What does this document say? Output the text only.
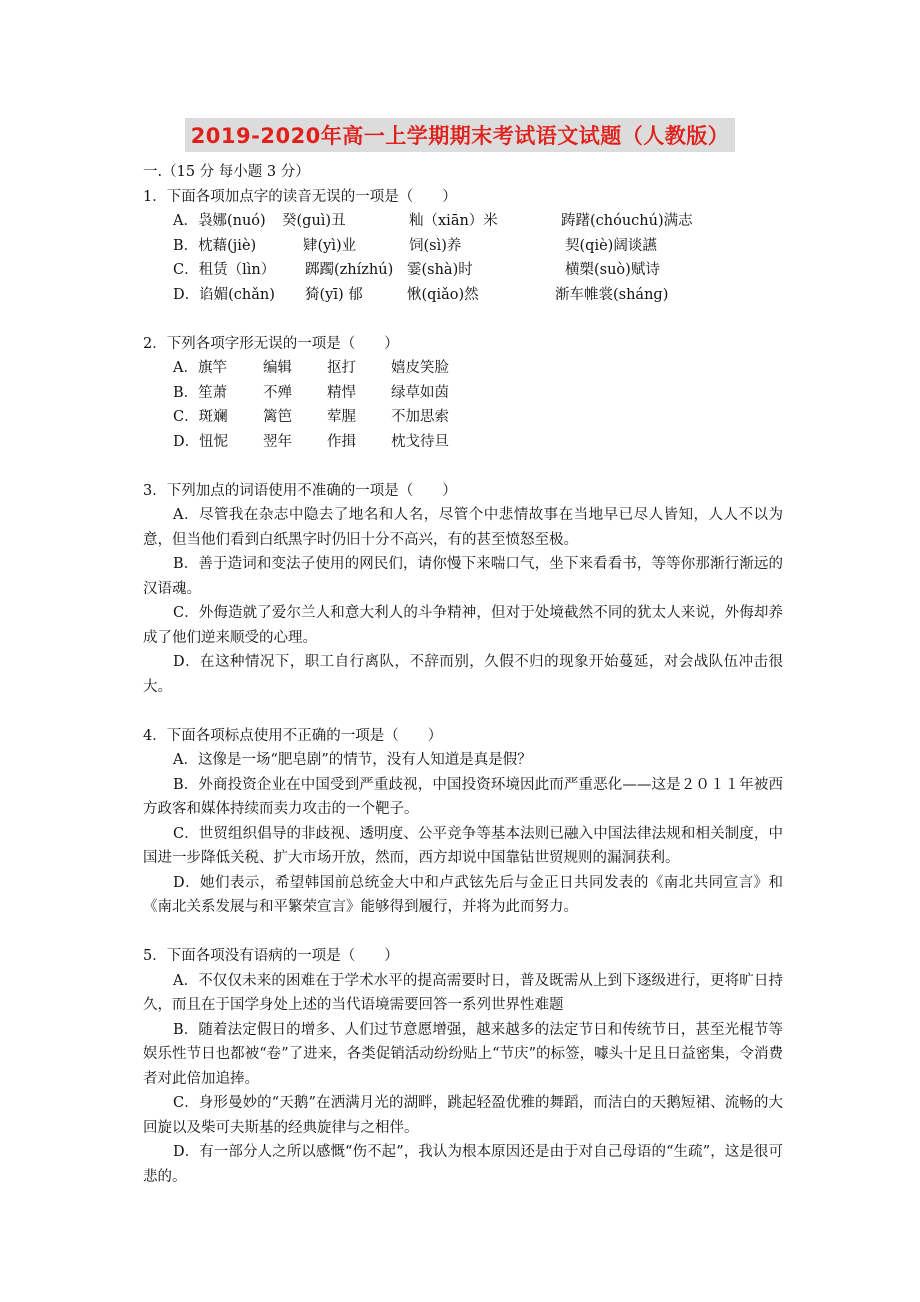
2019-2020年高一上学期期末考试语文试题（人教版）
一.（15 分 每小题 3 分）
1．下面各项加点字的读音无误的一项是（　　）
A．袅娜(nuó) 癸(guì)丑	籼（xiān）米	踌躇(chóuchú)满志
B．枕藉(jiè)	肄(yì)业	饲(sì)养	契(qiè)阔谈讌
C．租赁（lìn） 踯躅(zhízhú) 霎(shà)时	横槊(suò)赋诗
D．谄媚(chǎn) 猗(yī) 郁	愀(qiǎo)然	渐车帷裳(shánɡ)
2．下列各项字形无误的一项是（　　）
A．旗竿 编辑 抠打 嬉皮笑脸
B．笙萧 不殚 精悍 绿草如茵
C．斑斓 篱笆 荤腥 不加思索
D．忸怩 翌年 作揖 枕戈待旦
3．下列加点的词语使用不准确的一项是（　　）

A．尽管我在杂志中隐去了地名和人名，尽管个中悲情故事在当地早已尽人皆知，人人不以为意，但当他们看到白纸黑字时仍旧十分不高兴，有的甚至愤怒至极。

B．善于造词和变法子使用的网民们，请你慢下来喘口气，坐下来看看书，等等你那渐行渐远的汉语魂。

C．外侮造就了爱尔兰人和意大利人的斗争精神，但对于处境截然不同的犹太人来说，外侮却养成了他们逆来顺受的心理。

D．在这种情况下，职工自行离队，不辞而别，久假不归的现象开始蔓延，对会战队伍冲击很大。

4．下面各项标点使用不正确的一项是（　　）

A．这像是一场“肥皂剧”的情节，没有人知道是真是假？

B．外商投资企业在中国受到严重歧视，中国投资环境因此而严重恶化——这是２０１１年被西方政客和媒体持续而卖力攻击的一个靶子。

C．世贸组织倡导的非歧视、透明度、公平竞争等基本法则已融入中国法律法规和相关制度，中国进一步降低关税、扩大市场开放，然而，西方却说中国靠钻世贸规则的漏洞获利。

D．她们表示，希望韩国前总统金大中和卢武铉先后与金正日共同发表的《南北共同宣言》和《南北关系发展与和平繁荣宣言》能够得到履行，并将为此而努力。

5．下面各项没有语病的一项是（　　）

A．不仅仅未来的困难在于学术水平的提高需要时日，普及既需从上到下逐级进行，更将旷日持久，而且在于国学身处上述的当代语境需要回答一系列世界性难题

B．随着法定假日的增多、人们过节意愿增强，越来越多的法定节日和传统节日，甚至光棍节等娱乐性节日也都被“卷”了进来，各类促销活动纷纷贴上“节庆”的标签，噱头十足且日益密集，令消费者对此倍加追捧。

C．身形曼妙的“天鹅”在洒满月光的湖畔，跳起轻盈优雅的舞蹈，而洁白的天鹅短裙、流畅的大回旋以及柴可夫斯基的经典旋律与之相伴。

D．有一部分人之所以感慨“伤不起”，我认为根本原因还是由于对自己母语的“生疏”，这是很可悲的。
